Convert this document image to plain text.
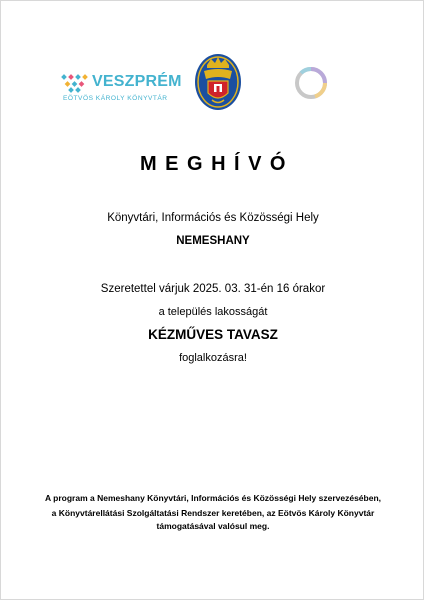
VESZPRÉM
EÖTVÖS KÁROLY KÖNYVTÁR
MEGHÍVÓ
Könyvtári, Információs és Közösségi Hely
NEMESHANY
Szeretettel várjuk 2025. 03. 31-én 16 órakor
a település lakosságát
KÉZMŰVES TAVASZ
foglalkozásra!
A program a Nemeshany Könyvtári, Információs és Közösségi Hely szervezésében,
a Könyvtárellátási Szolgáltatási Rendszer keretében, az Eötvös Károly Könyvtár
támogatásával valósul meg.
